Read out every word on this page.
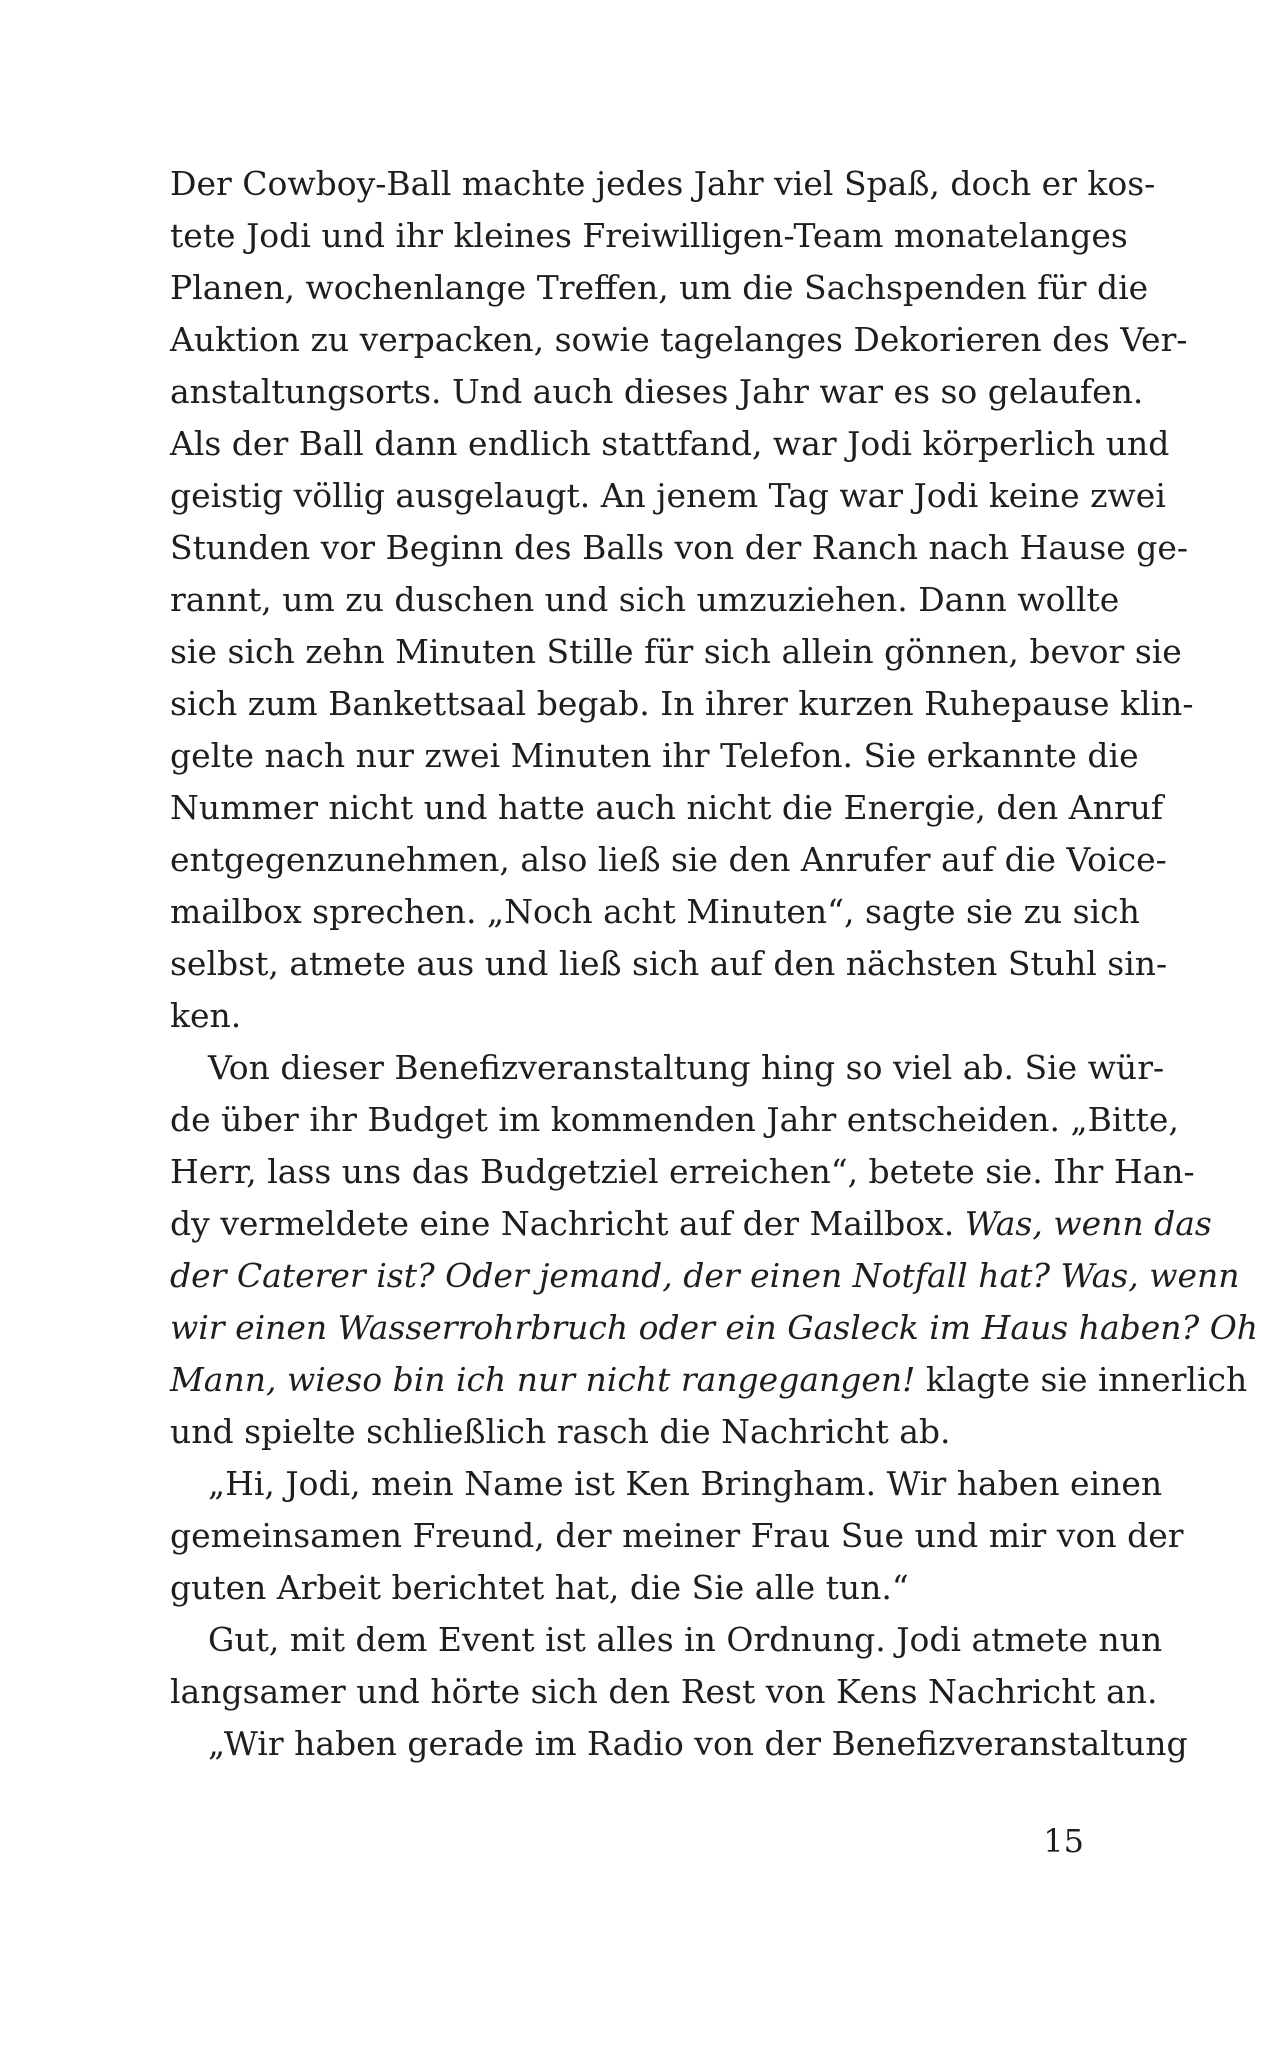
Der Cowboy-Ball machte jedes Jahr viel Spaß, doch er kos-
tete Jodi und ihr kleines Freiwilligen-Team monatelanges
Planen, wochenlange Treffen, um die Sachspenden für die
Auktion zu verpacken, sowie tagelanges Dekorieren des Ver-
anstaltungsorts. Und auch dieses Jahr war es so gelaufen.
Als der Ball dann endlich stattfand, war Jodi körperlich und
geistig völlig ausgelaugt. An jenem Tag war Jodi keine zwei
Stunden vor Beginn des Balls von der Ranch nach Hause ge-
rannt, um zu duschen und sich umzuziehen. Dann wollte
sie sich zehn Minuten Stille für sich allein gönnen, bevor sie
sich zum Bankettsaal begab. In ihrer kurzen Ruhepause klin-
gelte nach nur zwei Minuten ihr Telefon. Sie erkannte die
Nummer nicht und hatte auch nicht die Energie, den Anruf
entgegenzunehmen, also ließ sie den Anrufer auf die Voice-
mailbox sprechen. „Noch acht Minuten“, sagte sie zu sich
selbst, atmete aus und ließ sich auf den nächsten Stuhl sin-
ken.
Von dieser Benefizveranstaltung hing so viel ab. Sie wür-
de über ihr Budget im kommenden Jahr entscheiden. „Bitte,
Herr, lass uns das Budgetziel erreichen“, betete sie. Ihr Han-
dy vermeldete eine Nachricht auf der Mailbox. Was, wenn das
der Caterer ist? Oder jemand, der einen Notfall hat? Was, wenn
wir einen Wasserrohrbruch oder ein Gasleck im Haus haben? Oh
Mann, wieso bin ich nur nicht rangegangen! klagte sie innerlich
und spielte schließlich rasch die Nachricht ab.
„Hi, Jodi, mein Name ist Ken Bringham. Wir haben einen
gemeinsamen Freund, der meiner Frau Sue und mir von der
guten Arbeit berichtet hat, die Sie alle tun.“
Gut, mit dem Event ist alles in Ordnung. Jodi atmete nun
langsamer und hörte sich den Rest von Kens Nachricht an.
„Wir haben gerade im Radio von der Benefizveranstaltung
15
